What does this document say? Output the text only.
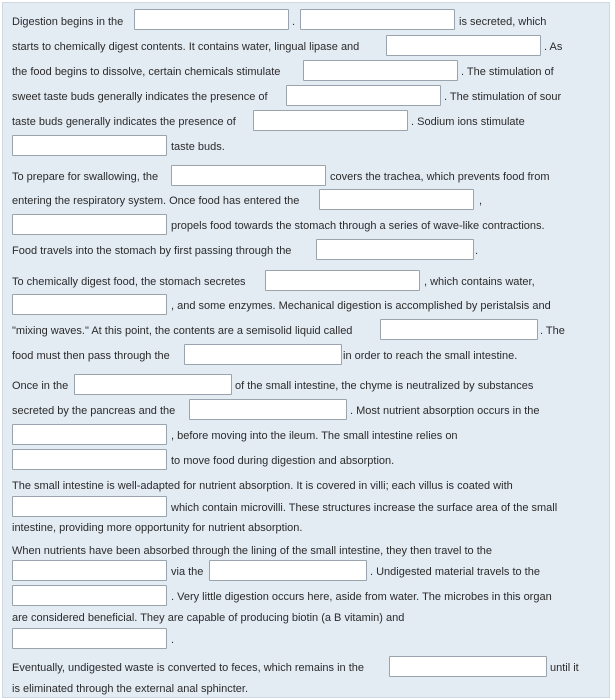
Digestion begins in the	.	is secreted, which
starts to chemically digest contents. It contains water, lingual lipase and	. As
the food begins to dissolve, certain chemicals stimulate	. The stimulation of
sweet taste buds generally indicates the presence of	. The stimulation of sour
taste buds generally indicates the presence of	. Sodium ions stimulate
taste buds.
To prepare for swallowing, the	covers the trachea, which prevents food from
entering the respiratory system. Once food has entered the	,
propels food towards the stomach through a series of wave-like contractions.
Food travels into the stomach by first passing through the	.
To chemically digest food, the stomach secretes	, which contains water,
, and some enzymes. Mechanical digestion is accomplished by peristalsis and
"mixing waves." At this point, the contents are a semisolid liquid called	. The
food must then pass through the	in order to reach the small intestine.
Once in the	of the small intestine, the chyme is neutralized by substances
secreted by the pancreas and the	. Most nutrient absorption occurs in the
, before moving into the ileum. The small intestine relies on
to move food during digestion and absorption.
The small intestine is well-adapted for nutrient absorption. It is covered in villi; each villus is coated with
which contain microvilli. These structures increase the surface area of the small
intestine, providing more opportunity for nutrient absorption.
When nutrients have been absorbed through the lining of the small intestine, they then travel to the
via the	. Undigested material travels to the
. Very little digestion occurs here, aside from water. The microbes in this organ
are considered beneficial. They are capable of producing biotin (a B vitamin) and
.
Eventually, undigested waste is converted to feces, which remains in the	until it
is eliminated through the external anal sphincter.
